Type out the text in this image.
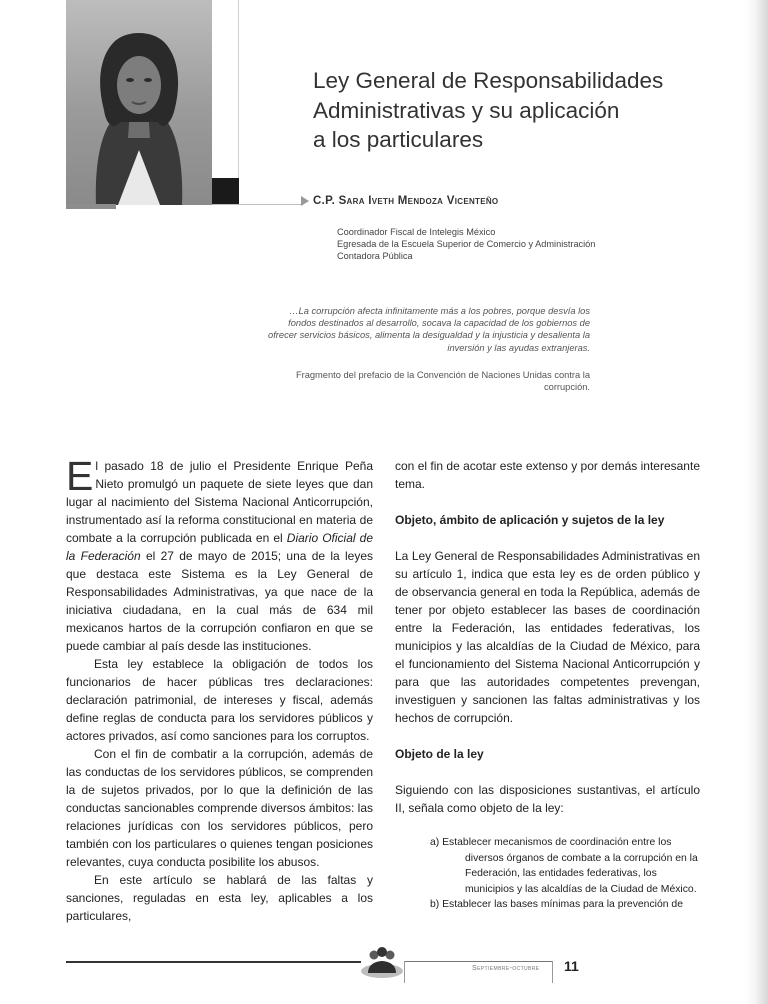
Ley General de Responsabilidades
Administrativas y su aplicación
a los particulares
C.P. Sara Iveth Mendoza Vicenteño
Coordinador Fiscal de Intelegis México
Egresada de la Escuela Superior de Comercio y Administración
Contadora Pública
…La corrupción afecta infinitamente más a los pobres, porque desvía los fondos destinados al desarrollo, socava la capacidad de los gobiernos de ofrecer servicios básicos, alimenta la desigualdad y la injusticia y desalienta la inversión y las ayudas extranjeras.
Fragmento del prefacio de la Convención de Naciones Unidas contra la corrupción.

El pasado 18 de julio el Presidente Enrique Peña Nieto promulgó un paquete de siete leyes que dan lugar al nacimiento del Sistema Nacional Anticorrupción, instrumentado así la reforma constitucional en materia de combate a la corrupción publicada en el Diario Oficial de la Federación el 27 de mayo de 2015; una de la leyes que destaca este Sistema es la Ley General de Responsabilidades Administrativas, ya que nace de la iniciativa ciudadana, en la cual más de 634 mil mexicanos hartos de la corrupción confiaron en que se puede cambiar al país desde las instituciones.

Esta ley establece la obligación de todos los funcionarios de hacer públicas tres declaraciones: declaración patrimonial, de intereses y fiscal, además define reglas de conducta para los servidores públicos y actores privados, así como sanciones para los corruptos.

Con el fin de combatir a la corrupción, además de las conductas de los servidores públicos, se comprenden la de sujetos privados, por lo que la definición de las conductas sancionables comprende diversos ámbitos: las relaciones jurídicas con los servidores públicos, pero también con los particulares o quienes tengan posiciones relevantes, cuya conducta posibilite los abusos.

En este artículo se hablará de las faltas y sanciones, reguladas en esta ley, aplicables a los particulares,

con el fin de acotar este extenso y por demás interesante tema.

Objeto, ámbito de aplicación y sujetos de la ley

La Ley General de Responsabilidades Administrativas en su artículo 1, indica que esta ley es de orden público y de observancia general en toda la República, además de tener por objeto establecer las bases de coordinación entre la Federación, las entidades federativas, los municipios y las alcaldías de la Ciudad de México, para el funcionamiento del Sistema Nacional Anticorrupción y para que las autoridades competentes prevengan, investiguen y sancionen las faltas administrativas y los hechos de corrupción.

Objeto de la ley

Siguiendo con las disposiciones sustantivas, el artículo II, señala como objeto de la ley:

a) Establecer mecanismos de coordinación entre los diversos órganos de combate a la corrupción en la Federación, las entidades federativas, los municipios y las alcaldías de la Ciudad de México.

b) Establecer las bases mínimas para la prevención de

Septiembre-octubre 11
